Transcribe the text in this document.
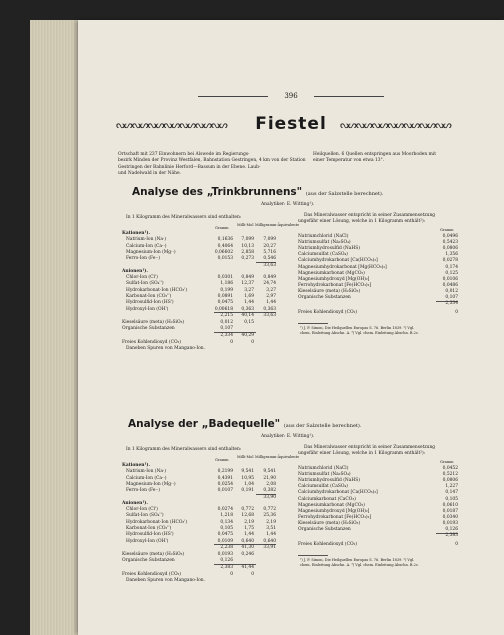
396
ᔓᔕᔓᔕᔓᔕᔓᔕᔓᔕᔓᔕᔓᔕ	Fiestel	ᔓᔕᔓᔕᔓᔕᔓᔕᔓᔕᔓᔕᔓᔕ
Ortschaft mit 237 Einwohnern bei Alswede im Regierungs-
bezirk Minden der Provinz Westfalen, Bahnstation Gestringen, 4 km von der Station
Gestringen der Bahnlinie Herford—Bassum in der Ebene. Laub-
und Nadelwald in der Nähe.
Heilquellen. 6 Quellen entspringen aus Moorboden mit
einer Temperatur von etwa 13°.
Analyse des „Trinkbrunnens" (aus der Salzstelle berechnet).
Analytiker: E. Witting¹).
In 1 Kilogramm des Mineralwassers sind enthalten:
Gramm
Milli-Mol Milligramm-Äquivalente
Kationen¹).
Natrium-Ion (Na·)	0,1636 7,099 7,099
Calcium-Ion (Ca··)	0,4064 10,13 20,27
Magnesium-Ion (Mg··)	0,06602 2,858 5,716
Ferro-Ion (Fe··)	0,0153 0,273 0,546
33,63
Anionen¹).
Chlor-Ion (Cl')	0,0301 0,849 0,849
Sulfat-Ion (SO₄'')	1,186 12,37 24,74
Hydrokarbonat-Ion (HCO₃')	0,199	3,27	3,27
Karbonat-Ion (CO₃'')	0,0891	1,69	2,97
Hydrosulfid-Ion (HS')	0,0475	1,44	1,44
Hydroxyl-Ion (OH')	0,00618 0,363 0,363
2,215 40,14 33,63
Kieselsäure (meta) (H₂SiO₃)	0,012	0,15
Organische Substanzen	0,107
2,334 40,29
Freies Kohlendioxyd (CO₂)	0	0
Daneben Spuren von Mangano-Ion.
Das Mineralwasser entspricht in seiner Zusammensetzung
ungefähr einer Lösung, welche in 1 Kilogramm enthält²):
Gramm
Natriumchlorid (NaCl)	0,0496
Natriumsulfat (Na₂SO₄)	0,5423
Natriumhydrosulfid (NaHS)	0,0806
Calciumsulfat (CaSO₄)	1,356
Calciumhydrokarbonat [Ca(HCO₃)₂]	0,0278
Magnesiumhydrokarbonat [Mg(HCO₃)₂]	0,174
Magnesiumkarbonat (MgCO₃)	0,125
Magnesiumhydroxyd [Mg(OH)₂]	0,0106
Ferrohydrokarbonat [Fe(HCO₃)₂]	0,0486
Kieselsäure (meta) (H₂SiO₃)	0,012
Organische Substanzen	0,107
2,334
Freies Kohlendioxyd (CO₂)	0
¹) J. F. Simon, Die Heilquellen Europas S. 76. Berlin 1839. ²) Vgl.
chem. Einleitung Abschn. A. ³) Vgl. chem. Einleitung Abschn. B.2c.
Analyse der „Badequelle" (aus der Salzstelle berechnet).
Analytiker: E. Witting¹).
In 1 Kilogramm des Mineralwassers sind enthalten:
Gramm
Milli-Mol Milligramm-Äquivalente
Kationen¹).
Natrium-Ion (Na·)	0,2199 9,541 9,541
Calcium-Ion (Ca··)	0,4391 10,95 21,90
Magnesium-Ion (Mg··)	0,0254	1,04	2,08
Ferro-Ion (Fe··)	0,0107 0,191 0,382
33,90
Anionen¹).
Chlor-Ion (Cl')	0,0274 0,772 0,772
Sulfat-Ion (SO₄'')	1,218 12,68 25,36
Hydrokarbonat-Ion (HCO₃')	0,134	2,19	2,19
Karbonat-Ion (CO₃'')	0,105	1,75	3,51
Hydrosulfid-Ion (HS')	0,0475	1,44	1,44
Hydroxyl-Ion (OH')	0,0109 0,640 0,640
2,238 41,30 33,91
Kieselsäure (meta) (H₂SiO₃)	0,0193 0,246
Organische Substanzen	0,126
2,383 41,44
Freies Kohlendioxyd (CO₂)	0	0
Daneben Spuren von Mangano-Ion.
Das Mineralwasser entspricht in seiner Zusammensetzung
ungefähr einer Lösung, welche in 1 Kilogramm enthält²):
Gramm
Natriumchlorid (NaCl)	0,0452
Natriumsulfat (Na₂SO₄)	0,5212
Natriumhydrosulfid (NaHS)	0,0806
Calciumsulfat (CaSO₄)	1,227
Calciumhydrokarbonat [Ca(HCO₃)₂]	0,147
Calciumkarbonat (CaCO₃)	0,105
Magnesiumkarbonat (MgCO₃)	0,0610
Magnesiumhydroxyd [Mg(OH)₂]	0,0187
Ferrohydrokarbonat [Fe(HCO₃)₂]	0,0340
Kieselsäure (meta) (H₂SiO₃)	0,0193
Organische Substanzen	0,126
2,383
Freies Kohlendioxyd (CO₂)	0
¹) J. F. Simon, Die Heilquellen Europas S. 76. Berlin 1839. ²) Vgl.
chem. Einleitung Abschn. A. ³) Vgl. chem. Einleitung Abschn. B.2c.
